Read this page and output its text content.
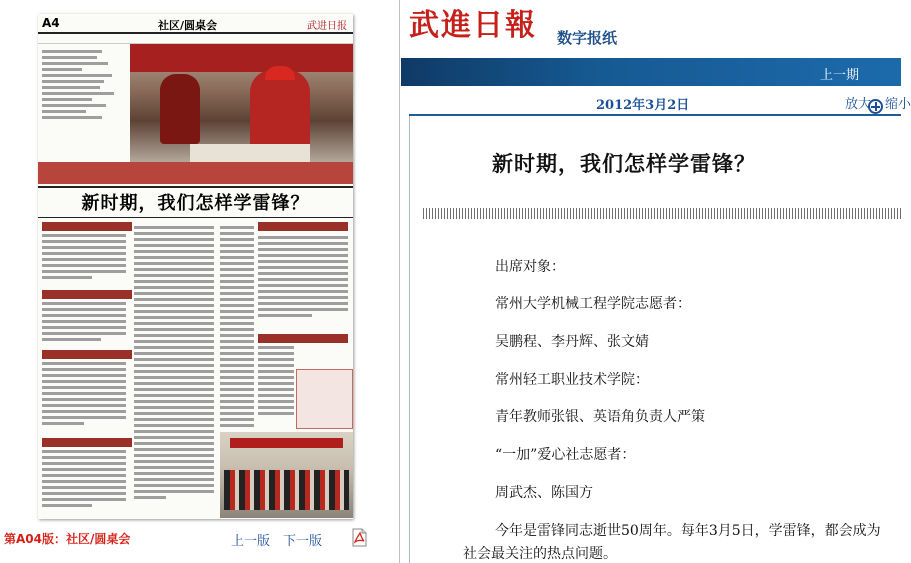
A4	社区/圆桌会	武进日报
新时期，我们怎样学雷锋？
第A04版：社区/圆桌会	上一版 下一版
武進日報	数字报纸
上一期
2012年3月2日	放大 缩小
新时期，我们怎样学雷锋？

出席对象：

常州大学机械工程学院志愿者：

吴鹏程、李丹辉、张文婧

常州轻工职业技术学院：

青年教师张银、英语角负责人严策

“一加”爱心社志愿者：

周武杰、陈国方

今年是雷锋同志逝世50周年。每年3月5日，学雷锋，都会成为

社会最关注的热点问题。
